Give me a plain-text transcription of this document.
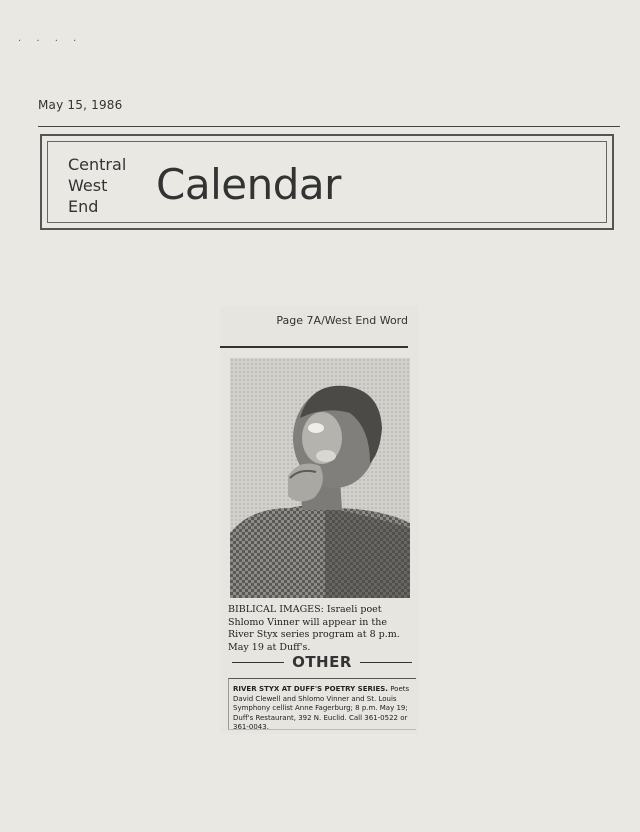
· · · ·
May 15, 1986
Central
West
End	Calendar
Page 7A/West End Word
BIBLICAL IMAGES: Israeli poet Shlomo Vinner will appear in the River Styx series program at 8 p.m. May 19 at Duff's.
OTHER
RIVER STYX AT DUFF'S POETRY SERIES. Poets David Clewell and Shlomo Vinner and St. Louis Symphony cellist Anne Fagerburg; 8 p.m. May 19; Duff's Restaurant, 392 N. Euclid. Call 361-0522 or 361-0043.
